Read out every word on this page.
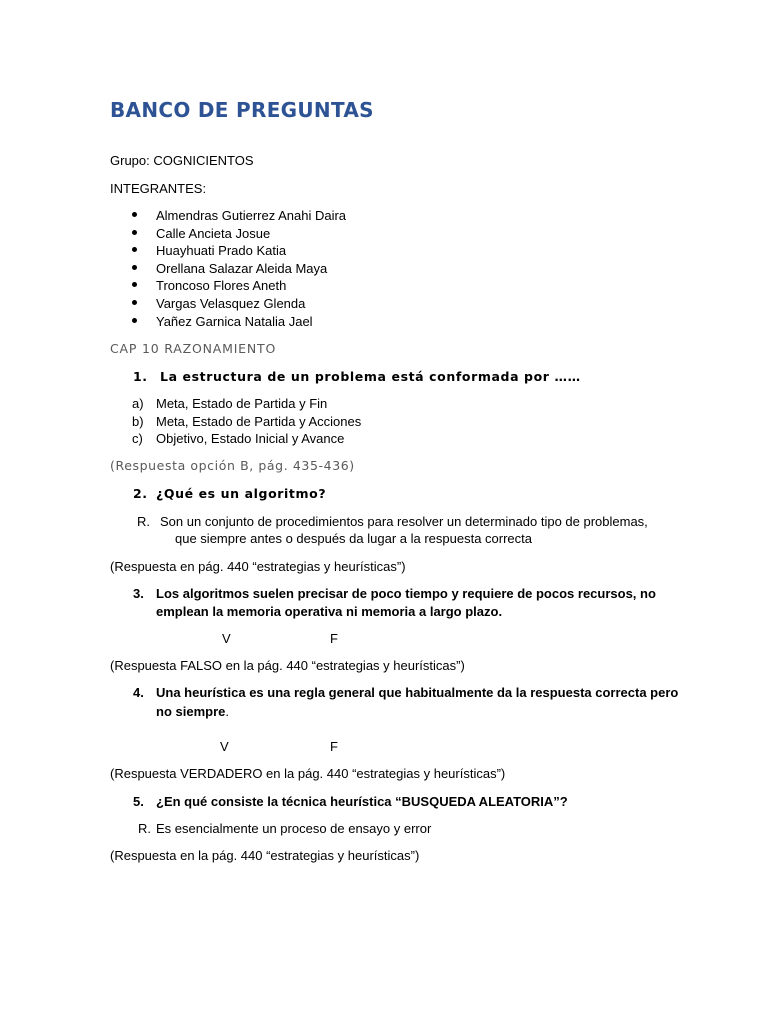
BANCO DE PREGUNTAS
Grupo: COGNICIENTOS
INTEGRANTES:
Almendras Gutierrez Anahi Daira
Calle Ancieta Josue
Huayhuati Prado Katia
Orellana Salazar Aleida Maya
Troncoso Flores Aneth
Vargas Velasquez Glenda
Yañez Garnica Natalia Jael
CAP 10 RAZONAMIENTO
1. La estructura de un problema está conformada por ……
a) Meta, Estado de Partida y Fin
b) Meta, Estado de Partida y Acciones
c) Objetivo, Estado Inicial y Avance
(Respuesta opción B, pág. 435-436)
2. ¿Qué es un algoritmo?
R. Son un conjunto de procedimientos para resolver un determinado tipo de problemas,
que siempre antes o después da lugar a la respuesta correcta
(Respuesta en pág. 440 “estrategias y heurísticas”)
3. Los algoritmos suelen precisar de poco tiempo y requiere de pocos recursos, no
emplean la memoria operativa ni memoria a largo plazo.
V	F
(Respuesta FALSO en la pág. 440 “estrategias y heurísticas”)
4. Una heurística es una regla general que habitualmente da la respuesta correcta pero
no siempre.
V	F
(Respuesta VERDADERO en la pág. 440 “estrategias y heurísticas”)
5. ¿En qué consiste la técnica heurística “BUSQUEDA ALEATORIA”?
R. Es esencialmente un proceso de ensayo y error
(Respuesta en la pág. 440 “estrategias y heurísticas”)
